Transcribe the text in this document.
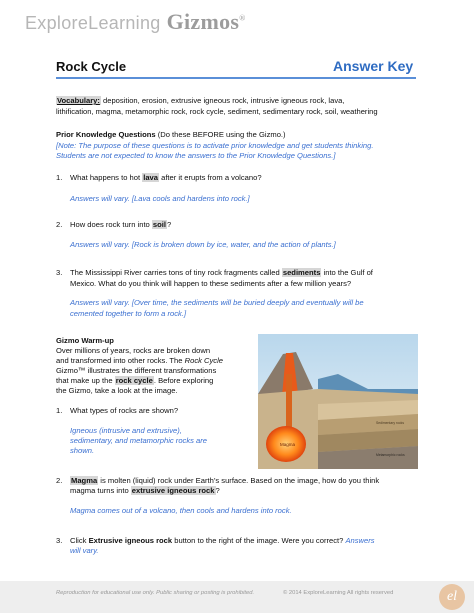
ExploreLearning Gizmos®
Rock Cycle	Answer Key
Vocabulary: deposition, erosion, extrusive igneous rock, intrusive igneous rock, lava,
lithification, magma, metamorphic rock, rock cycle, sediment, sedimentary rock, soil, weathering
Prior Knowledge Questions (Do these BEFORE using the Gizmo.)
[Note: The purpose of these questions is to activate prior knowledge and get students thinking.
Students are not expected to know the answers to the Prior Knowledge Questions.]
1. What happens to hot lava after it erupts from a volcano?
Answers will vary. [Lava cools and hardens into rock.]
2. How does rock turn into soil?
Answers will vary. [Rock is broken down by ice, water, and the action of plants.]
3. The Mississippi River carries tons of tiny rock fragments called sediments into the Gulf of
Mexico. What do you think will happen to these sediments after a few million years?
Answers will vary. [Over time, the sediments will be buried deeply and eventually will be
cemented together to form a rock.]
Gizmo Warm-up
Over millions of years, rocks are broken down
and transformed into other rocks. The Rock Cycle
Gizmo™ illustrates the different transformations
that make up the rock cycle. Before exploring
the Gizmo, take a look at the image.
1. What types of rocks are shown?
Igneous (intrusive and extrusive),
sedimentary, and metamorphic rocks are
shown.
2. Magma is molten (liquid) rock under Earth’s surface. Based on the image, how do you think
magma turns into extrusive igneous rock?
Magma comes out of a volcano, then cools and hardens into rock.
3. Click Extrusive igneous rock button to the right of the image. Were you correct? Answers
will vary.
Magma
Sedimentary rocks
Metamorphic rocks
Reproduction for educational use only. Public sharing or posting is prohibited.	© 2014 ExploreLearning All rights reserved	el
